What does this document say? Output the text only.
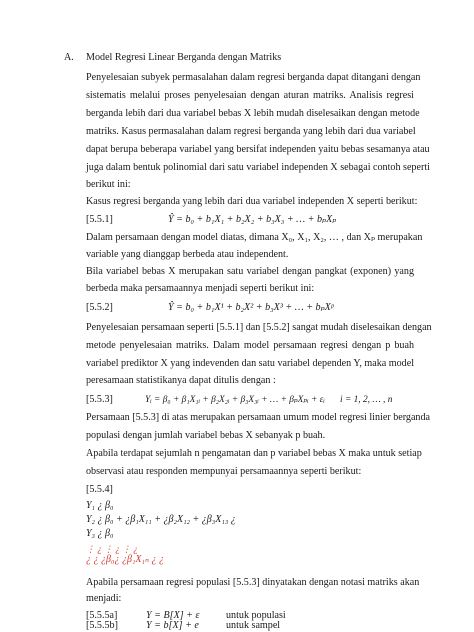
A. Model Regresi Linear Berganda dengan Matriks
Penyelesaian subyek permasalahan dalam regresi berganda dapat ditangani dengan
sistematis melalui proses penyelesaian dengan aturan matriks. Analisis regresi
berganda lebih dari dua variabel bebas X lebih mudah diselesaikan dengan metode
matriks. Kasus permasalahan dalam regresi berganda yang lebih dari dua variabel
dapat berupa beberapa variabel yang bersifat independen yaitu bebas sesamanya atau
juga dalam bentuk polinomial dari satu variabel independen X sebagai contoh seperti
berikut ini:
Kasus regresi berganda yang lebih dari dua variabel independen X seperti berikut:
[5.5.1]	Ŷ = b₀ + b₁X₁ + b₂X₂ + b₃X₃ + … + bₚXₚ
Dalam persamaan dengan model diatas, dimana X₀, X₁, X₂, … , dan Xₚ merupakan
variable yang dianggap berbeda atau independent.
Bila variabel bebas X merupakan satu variabel dengan pangkat (exponen) yang
berbeda maka persamaannya menjadi seperti berikut ini:
[5.5.2]	Ŷ = b₀ + b₁X¹ + b₂X² + b₃X³ + … + bₚXᵖ
Penyelesaian persamaan seperti [5.5.1] dan [5.5.2] sangat mudah diselesaikan dengan
metode penyelesaian matriks. Dalam model persamaan regresi dengan p buah
variabel prediktor X yang indevenden dan satu variabel dependen Y, maka model
peresamaan statistikanya dapat ditulis dengan :
[5.5.3]	Yᵢ = β₀ + β₁X₁ᵢ + β₂X₂ᵢ + β₃X₃ᵢ + … + βₚXₚᵢ + εᵢ i = 1, 2, … , n
Persamaan [5.5.3] di atas merupakan persamaan umum model regresi linier berganda
populasi dengan jumlah variabel bebas X sebanyak p buah.
Apabila terdapat sejumlah n pengamatan dan p variabel bebas X maka untuk setiap
observasi atau responden mempunyai persamaannya seperti berikut:
[5.5.4]
Y₁ ¿ β₀
Y₂ ¿ β₀ + ¿β₁X₁₁ + ¿β₂X₁₂ + ¿β₃X₁₃ ¿
Y₃ ¿ β₀
⋮ ¿ ⋮ ¿ ⋮ ¿
¿ ¿ ¿β₀¿ ¿β₁X₁ₙ ¿ ¿
Apabila persamaan regresi populasi [5.5.3] dinyatakan dengan notasi matriks akan
menjadi:
[5.5.5a]	Y = B[X] + ε	untuk populasi
[5.5.5b]	Y = b[X] + e	untuk sampel
